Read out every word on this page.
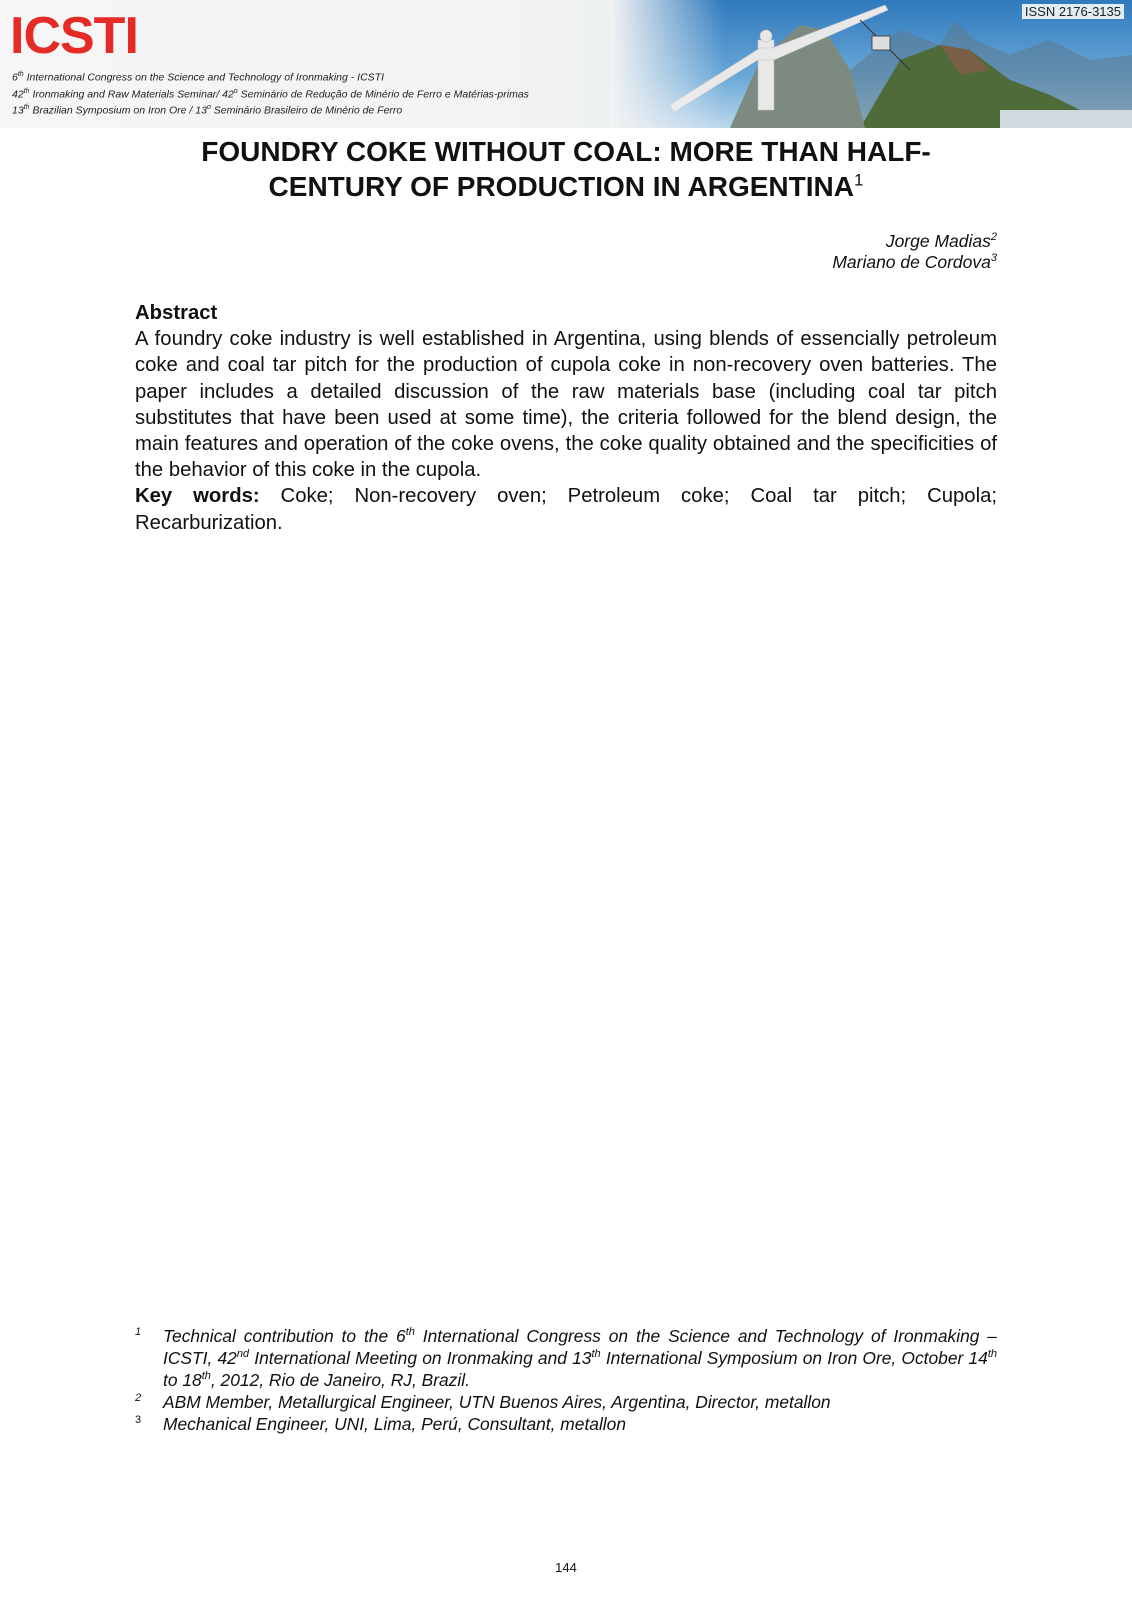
ICSTI
6th International Congress on the Science and Technology of Ironmaking - ICSTI
42th Ironmaking and Raw Materials Seminar/ 42$^o$ Seminário de Redução de Minério de Ferro e Matérias-primas
13th Brazilian Symposium on Iron Ore / 13$^o$ Seminário Brasileiro de Minério de Ferro
ISSN 2176-3135
FOUNDRY COKE WITHOUT COAL: MORE THAN HALF-
CENTURY OF PRODUCTION IN ARGENTINA$^1$
Jorge Madias$^2$
Mariano de Cordova$^3$
Abstract
A foundry coke industry is well established in Argentina, using blends of essencially petroleum coke and coal tar pitch for the production of cupola coke in non-recovery oven batteries. The paper includes a detailed discussion of the raw materials base (including coal tar pitch substitutes that have been used at some time), the criteria followed for the blend design, the main features and operation of the coke ovens, the coke quality obtained and the specificities of the behavior of this coke in the cupola.
Key words: Coke; Non-recovery oven; Petroleum coke; Coal tar pitch; Cupola; Recarburization.
1 Technical contribution to the 6th International Congress on the Science and Technology of Ironmaking – ICSTI, 42nd International Meeting on Ironmaking and 13th International Symposium on Iron Ore, October 14th to 18th, 2012, Rio de Janeiro, RJ, Brazil.
2 ABM Member, Metallurgical Engineer, UTN Buenos Aires, Argentina, Director, metallon
3 Mechanical Engineer, UNI, Lima, Perú, Consultant, metallon
144
